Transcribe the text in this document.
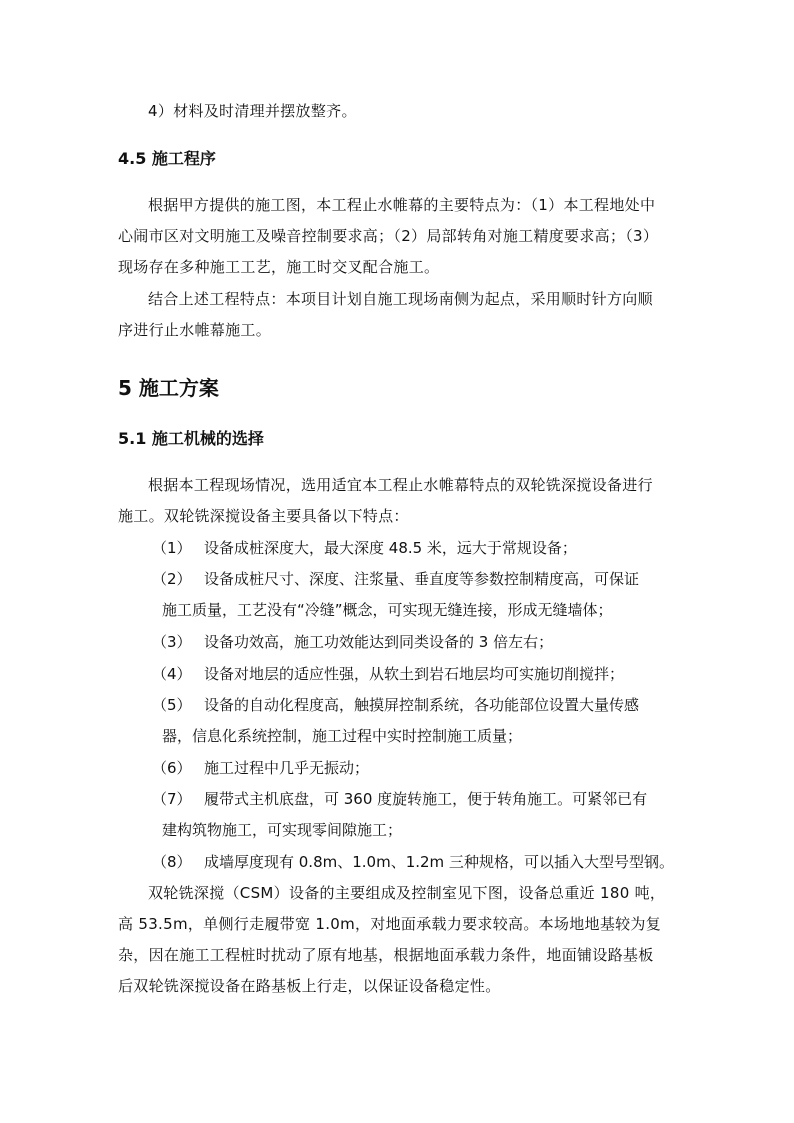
4）材料及时清理并摆放整齐。

4.5 施工程序

根据甲方提供的施工图，本工程止水帷幕的主要特点为：（1）本工程地处中

心闹市区对文明施工及噪音控制要求高；（2）局部转角对施工精度要求高；（3）

现场存在多种施工工艺，施工时交叉配合施工。

结合上述工程特点：本项目计划自施工现场南侧为起点，采用顺时针方向顺

序进行止水帷幕施工。

5 施工方案
5.1 施工机械的选择

根据本工程现场情况，选用适宜本工程止水帷幕特点的双轮铣深搅设备进行

施工。双轮铣深搅设备主要具备以下特点：

（1） 设备成桩深度大，最大深度 48.5 米，远大于常规设备；
（2） 设备成桩尺寸、深度、注浆量、垂直度等参数控制精度高，可保证
施工质量，工艺没有“冷缝”概念，可实现无缝连接，形成无缝墙体；
（3） 设备功效高，施工功效能达到同类设备的 3 倍左右；
（4） 设备对地层的适应性强，从软土到岩石地层均可实施切削搅拌；
（5） 设备的自动化程度高，触摸屏控制系统，各功能部位设置大量传感
器，信息化系统控制，施工过程中实时控制施工质量；
（6） 施工过程中几乎无振动；
（7） 履带式主机底盘，可 360 度旋转施工，便于转角施工。可紧邻已有
建构筑物施工，可实现零间隙施工；
（8） 成墙厚度现有 0.8m、1.0m、1.2m 三种规格，可以插入大型号型钢。

双轮铣深搅（CSM）设备的主要组成及控制室见下图，设备总重近 180 吨，

高 53.5m，单侧行走履带宽 1.0m，对地面承载力要求较高。本场地地基较为复

杂，因在施工工程桩时扰动了原有地基，根据地面承载力条件，地面铺设路基板

后双轮铣深搅设备在路基板上行走，以保证设备稳定性。
